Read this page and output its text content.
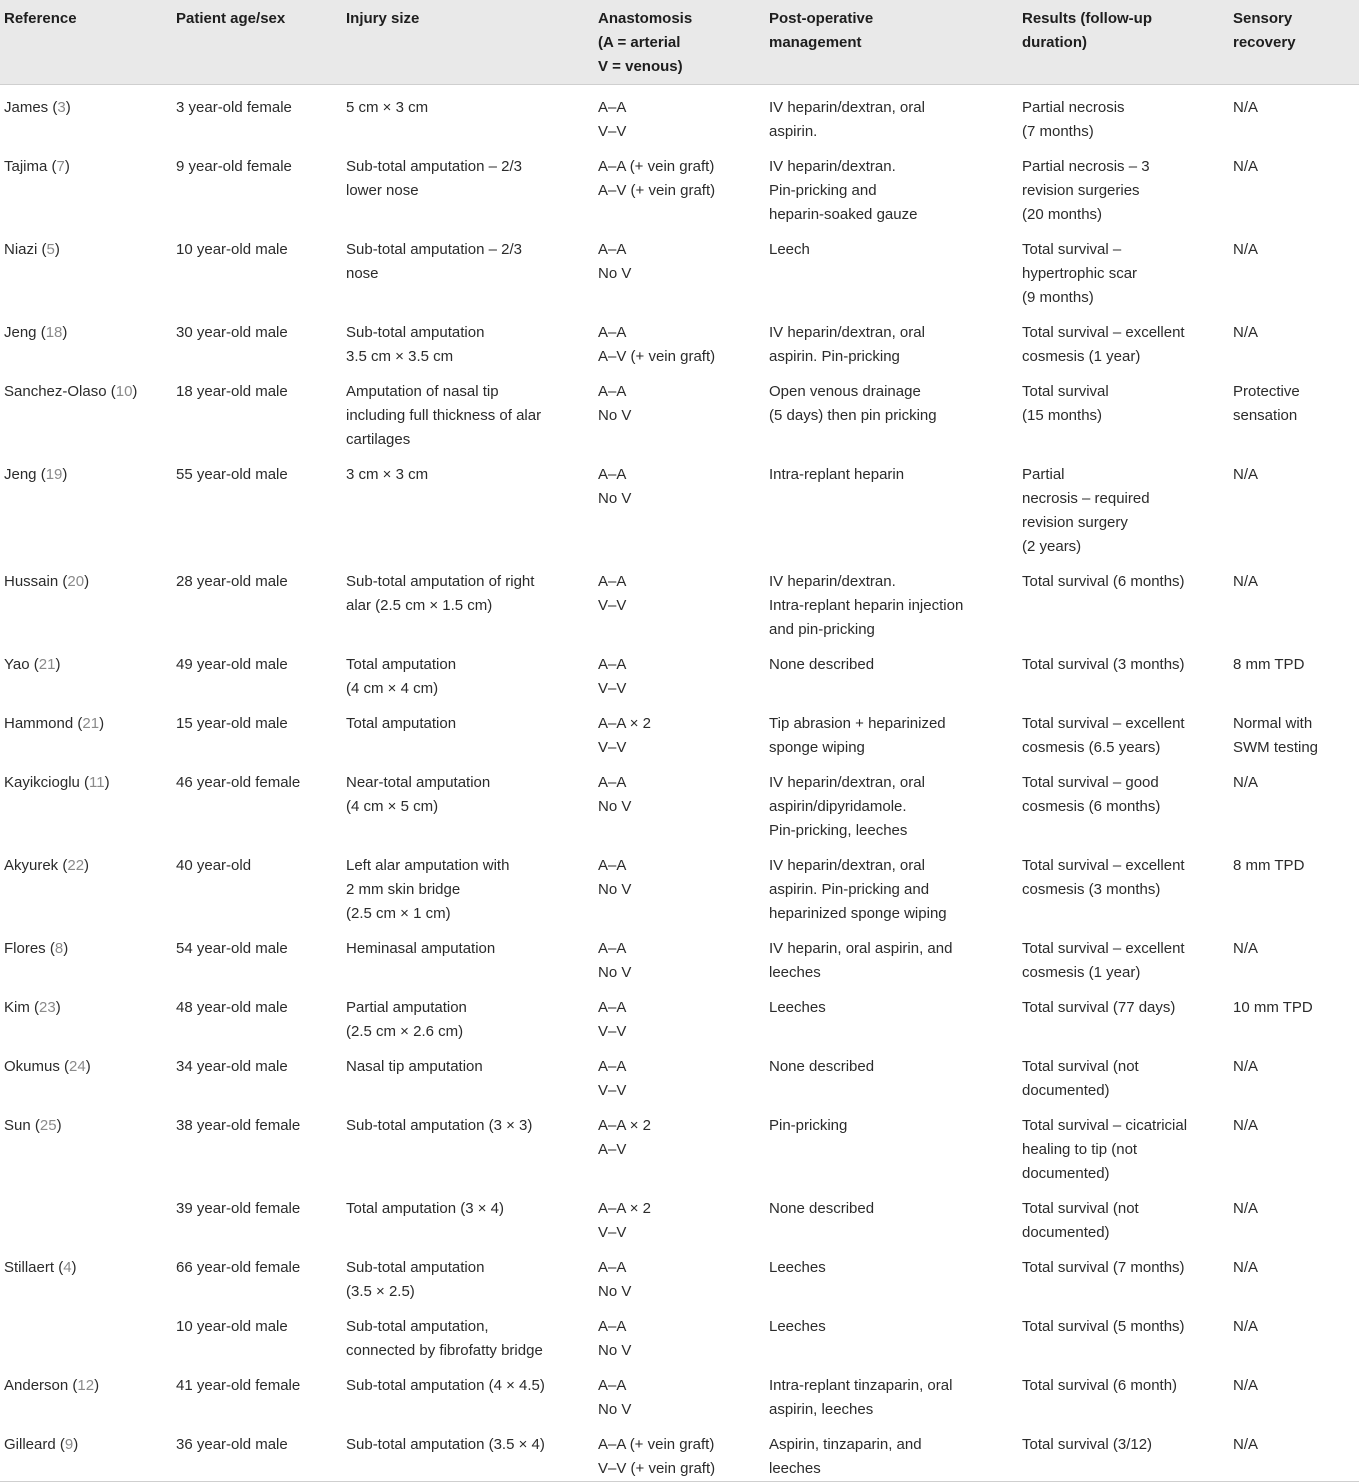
Reference	Patient age/sex	Injury size	Anastomosis
(A = arterial
V = venous)	Post-operative
management	Results (follow-up
duration)	Sensory
recovery

James (3)	3 year-old female	5 cm × 3 cm	A–A
V–V	IV heparin/dextran, oral
aspirin.	Partial necrosis
(7 months)	N/A

Tajima (7)	9 year-old female	Sub-total amputation – 2/3
lower nose	A–A (+ vein graft)
A–V (+ vein graft)	IV heparin/dextran.
Pin-pricking and
heparin-soaked gauze	Partial necrosis – 3
revision surgeries
(20 months)	N/A

Niazi (5)	10 year-old male	Sub-total amputation – 2/3
nose	A–A
No V	Leech	Total survival –
hypertrophic scar
(9 months)	N/A

Jeng (18)	30 year-old male	Sub-total amputation
3.5 cm × 3.5 cm	A–A
A–V (+ vein graft)	IV heparin/dextran, oral
aspirin. Pin-pricking	Total survival – excellent
cosmesis (1 year)	N/A

Sanchez-Olaso (10)	18 year-old male	Amputation of nasal tip
including full thickness of alar
cartilages	A–A
No V	Open venous drainage
(5 days) then pin pricking	Total survival
(15 months)	Protective
sensation

Jeng (19)	55 year-old male	3 cm × 3 cm	A–A
No V	Intra-replant heparin	Partial
necrosis – required
revision surgery
(2 years)	N/A

Hussain (20)	28 year-old male	Sub-total amputation of right
alar (2.5 cm × 1.5 cm)	A–A
V–V	IV heparin/dextran.
Intra-replant heparin injection
and pin-pricking	Total survival (6 months)	N/A

Yao (21)	49 year-old male	Total amputation
(4 cm × 4 cm)	A–A
V–V	None described	Total survival (3 months)	8 mm TPD

Hammond (21)	15 year-old male	Total amputation	A–A × 2
V–V	Tip abrasion + heparinized
sponge wiping	Total survival – excellent
cosmesis (6.5 years)	Normal with
SWM testing

Kayikcioglu (11)	46 year-old female	Near-total amputation
(4 cm × 5 cm)	A–A
No V	IV heparin/dextran, oral
aspirin/dipyridamole.
Pin-pricking, leeches	Total survival – good
cosmesis (6 months)	N/A

Akyurek (22)	40 year-old	Left alar amputation with
2 mm skin bridge
(2.5 cm × 1 cm)	A–A
No V	IV heparin/dextran, oral
aspirin. Pin-pricking and
heparinized sponge wiping	Total survival – excellent
cosmesis (3 months)	8 mm TPD

Flores (8)	54 year-old male	Heminasal amputation	A–A
No V	IV heparin, oral aspirin, and
leeches	Total survival – excellent
cosmesis (1 year)	N/A

Kim (23)	48 year-old male	Partial amputation
(2.5 cm × 2.6 cm)	A–A
V–V	Leeches	Total survival (77 days)	10 mm TPD

Okumus (24)	34 year-old male	Nasal tip amputation	A–A
V–V	None described	Total survival (not
documented)	N/A

Sun (25)	38 year-old female	Sub-total amputation (3 × 3)	A–A × 2
A–V	Pin-pricking	Total survival – cicatricial
healing to tip (not
documented)	N/A

	39 year-old female	Total amputation (3 × 4)	A–A × 2
V–V	None described	Total survival (not
documented)	N/A

Stillaert (4)	66 year-old female	Sub-total amputation
(3.5 × 2.5)	A–A
No V	Leeches	Total survival (7 months)	N/A

	10 year-old male	Sub-total amputation,
connected by fibrofatty bridge	A–A
No V	Leeches	Total survival (5 months)	N/A

Anderson (12)	41 year-old female	Sub-total amputation (4 × 4.5)	A–A
No V	Intra-replant tinzaparin, oral
aspirin, leeches	Total survival (6 month)	N/A

Gilleard (9)	36 year-old male	Sub-total amputation (3.5 × 4)	A–A (+ vein graft)
V–V (+ vein graft)	Aspirin, tinzaparin, and
leeches	Total survival (3/12)	N/A
